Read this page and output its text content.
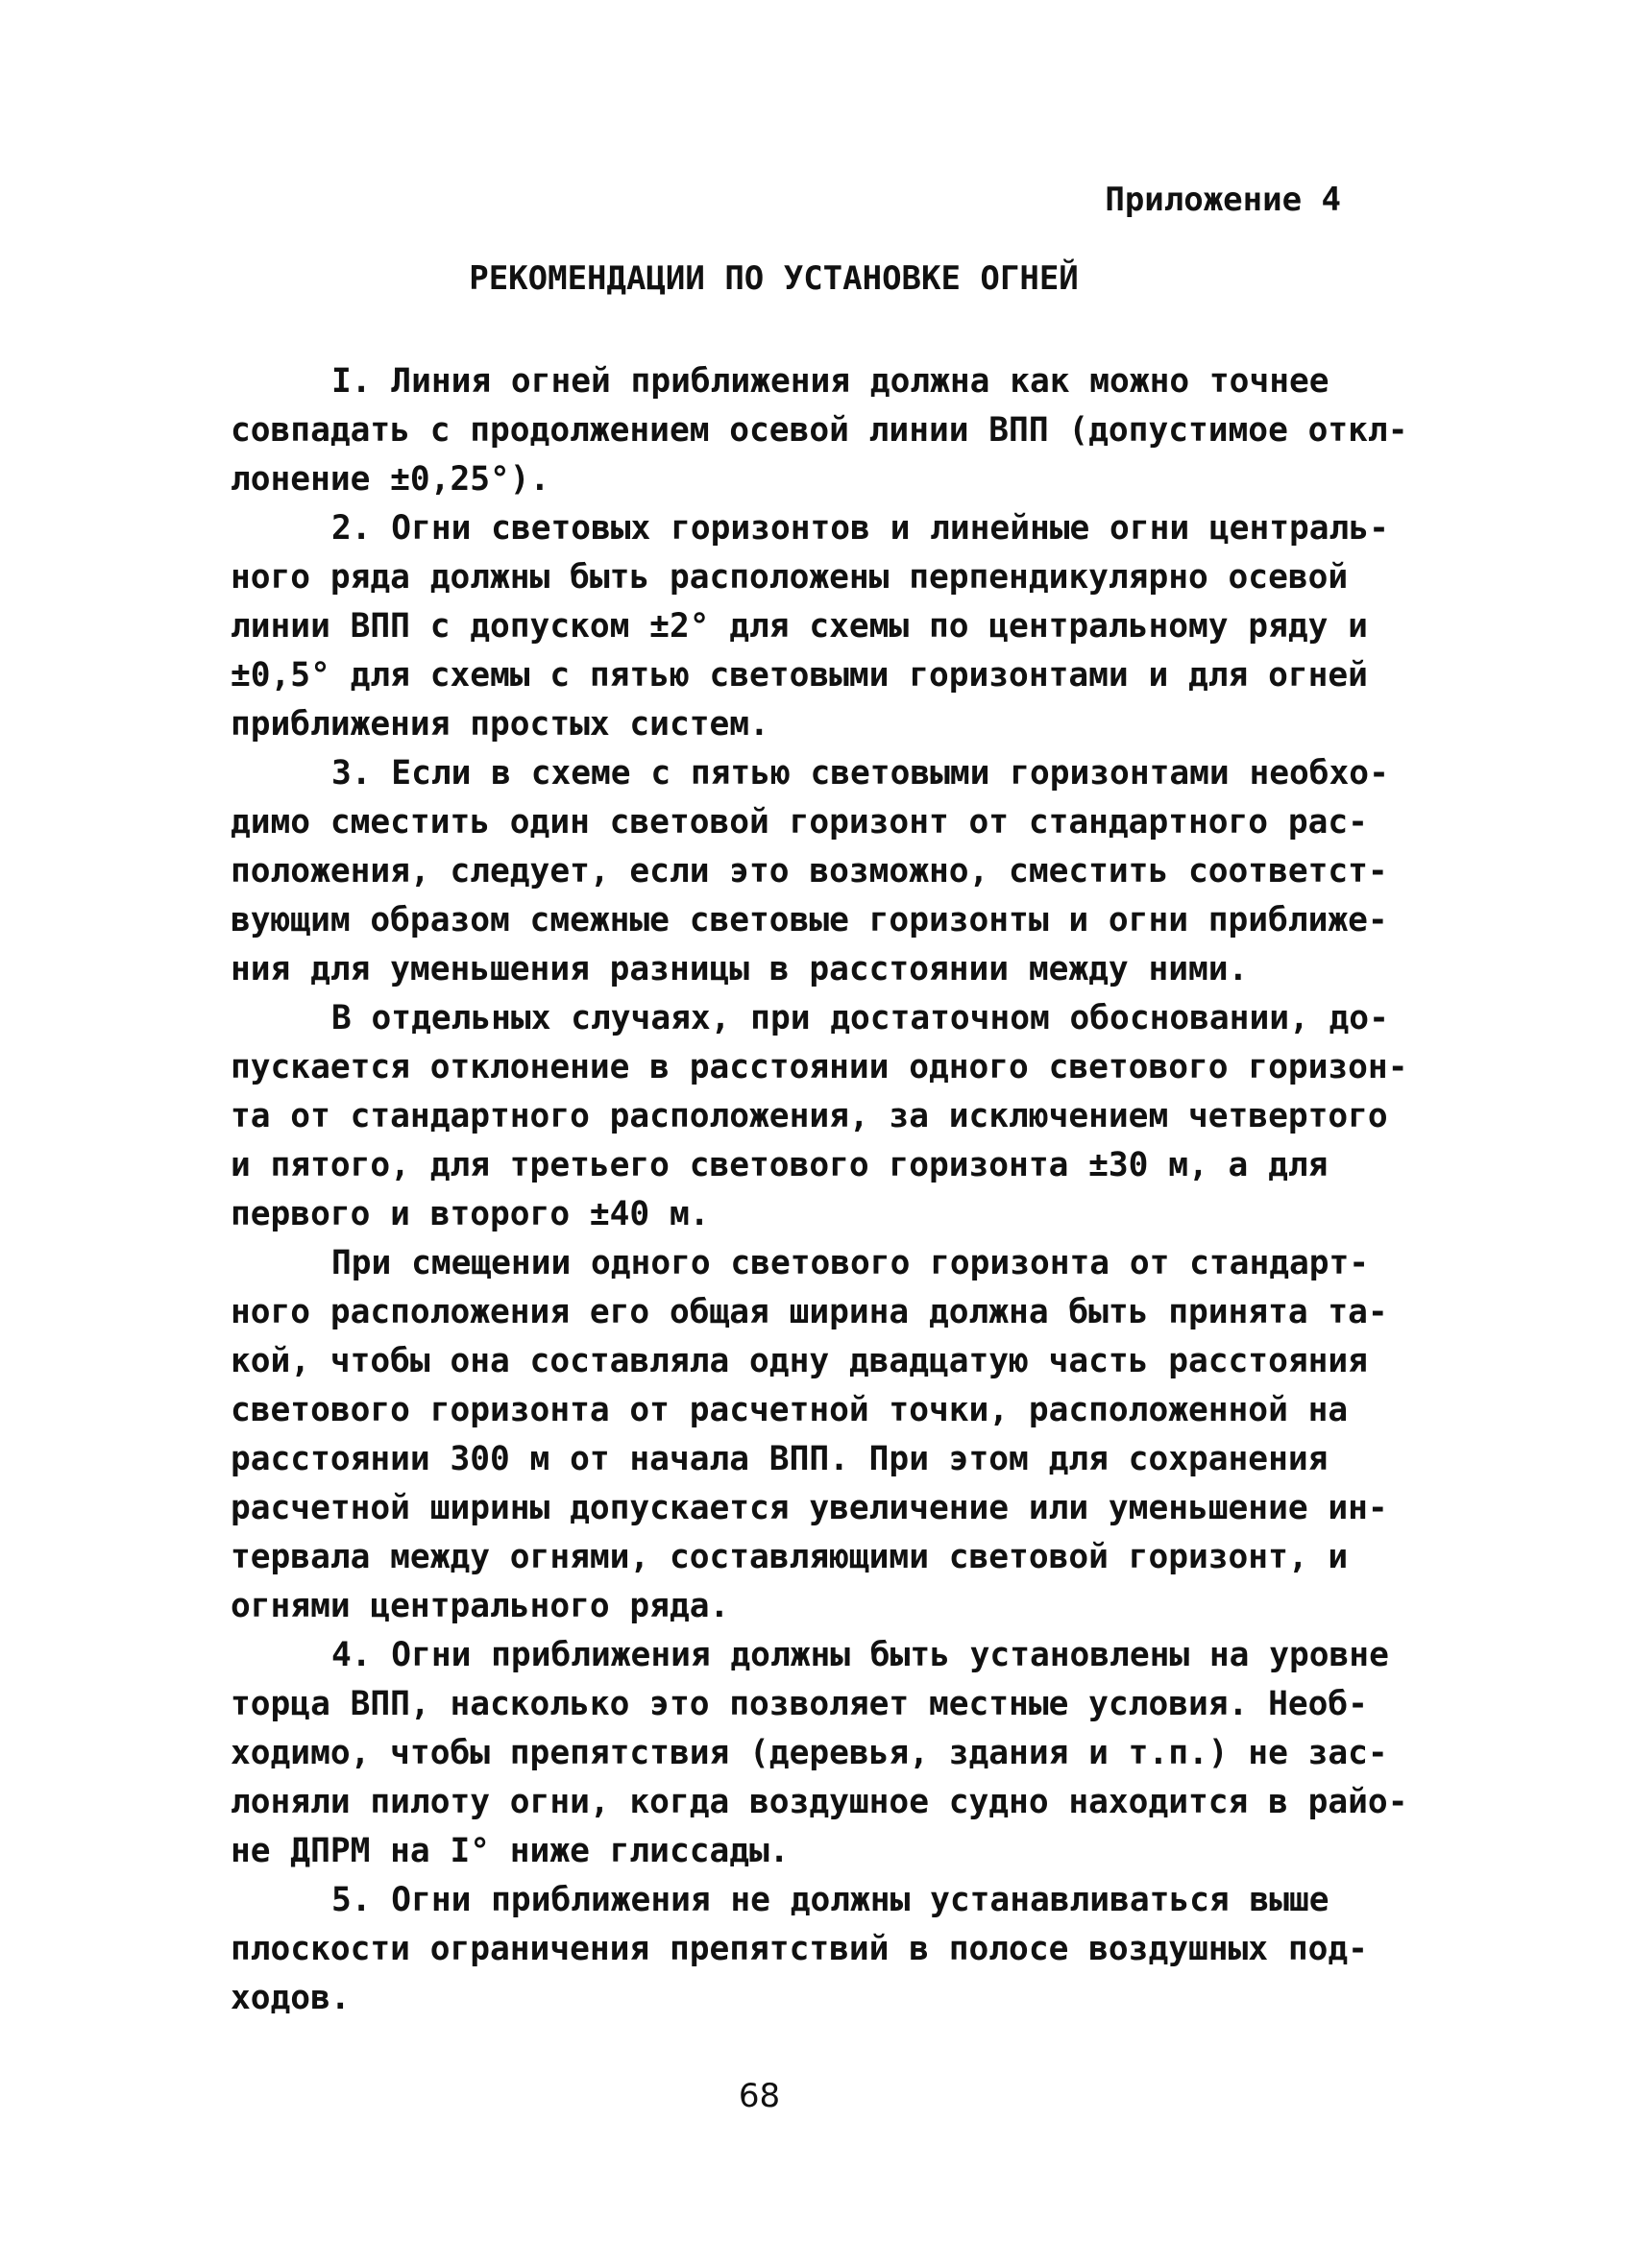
Приложение 4
РЕКОМЕНДАЦИИ ПО УСТАНОВКЕ ОГНЕЙ

I. Линия огней приближения должна как можно точнее
совпадать с продолжением осевой линии ВПП (допустимое откл-
лонение ±0,25°).

2. Огни световых горизонтов и линейные огни централь-
ного ряда должны быть расположены перпендикулярно осевой
линии ВПП с допуском ±2° для схемы по центральному ряду и
±0,5° для схемы с пятью световыми горизонтами и для огней
приближения простых систем.

3. Если в схеме с пятью световыми горизонтами необхо-
димо сместить один световой горизонт от стандартного рас-
положения, следует, если это возможно, сместить соответст-
вующим образом смежные световые горизонты и огни приближе-
ния для уменьшения разницы в расстоянии между ними.

В отдельных случаях, при достаточном обосновании, до-
пускается отклонение в расстоянии одного светового горизон-
та от стандартного расположения, за исключением четвертого
и пятого, для третьего светового горизонта ±30 м, а для
первого и второго ±40 м.

При смещении одного светового горизонта от стандарт-
ного расположения его общая ширина должна быть принята та-
кой, чтобы она составляла одну двадцатую часть расстояния
светового горизонта от расчетной точки, расположенной на
расстоянии 300 м от начала ВПП. При этом для сохранения
расчетной ширины допускается увеличение или уменьшение ин-
тервала между огнями, составляющими световой горизонт, и
огнями центрального ряда.

4. Огни приближения должны быть установлены на уровне
торца ВПП, насколько это позволяет местные условия. Необ-
ходимо, чтобы препятствия (деревья, здания и т.п.) не зас-
лоняли пилоту огни, когда воздушное судно находится в райо-
не ДПРМ на I° ниже глиссады.

5. Огни приближения не должны устанавливаться выше
плоскости ограничения препятствий в полосе воздушных под-
ходов.

68
